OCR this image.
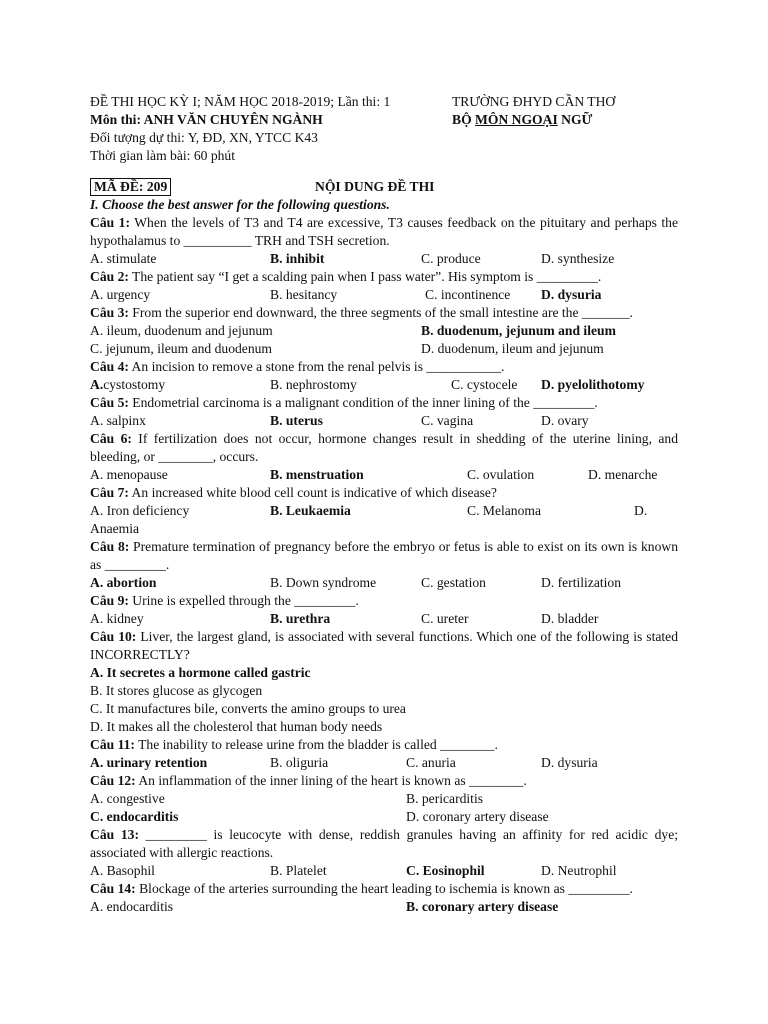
ĐỀ THI HỌC KỲ I; NĂM HỌC 2018-2019; Lần thi: 1	TRƯỜNG ĐHYD CẦN THƠ
Môn thi: ANH VĂN CHUYÊN NGÀNH	BỘ MÔN NGOẠI NGỮ
Đối tượng dự thi: Y, ĐD, XN, YTCC K43
Thời gian làm bài: 60 phút
MÃ ĐỀ: 209	NỘI DUNG ĐỀ THI
I. Choose the best answer for the following questions.
Câu 1: When the levels of T3 and T4 are excessive, T3 causes feedback on the pituitary and perhaps the hypothalamus to __________ TRH and TSH secretion.
A. stimulate	B. inhibit	C. produce	D. synthesize
Câu 2: The patient say “I get a scalding pain when I pass water”. His symptom is _________.
A. urgency	B. hesitancy	C. incontinence D. dysuria
Câu 3: From the superior end downward, the three segments of the small intestine are the _______.
A. ileum, duodenum and jejunum	B. duodenum, jejunum and ileum
C. jejunum, ileum and duodenum	D. duodenum, ileum and jejunum
Câu 4: An incision to remove a stone from the renal pelvis is ___________.
A. cystostomy	B. nephrostomy	C. cystocele D. pyelolithotomy
Câu 5: Endometrial carcinoma is a malignant condition of the inner lining of the _________.
A. salpinx	B. uterus	C. vagina	D. ovary
Câu 6: If fertilization does not occur, hormone changes result in shedding of the uterine lining, and bleeding, or ________, occurs.
A. menopause	B. menstruation	C. ovulation	D. menarche
Câu 7: An increased white blood cell count is indicative of which disease?
A. Iron deficiency	B. Leukaemia	C. Melanoma	D.
Anaemia
Câu 8: Premature termination of pregnancy before the embryo or fetus is able to exist on its own is known as _________.
A. abortion	B. Down syndrome	C. gestation	D. fertilization
Câu 9: Urine is expelled through the _________.
A. kidney	B. urethra	C. ureter	D. bladder
Câu 10: Liver, the largest gland, is associated with several functions. Which one of the following is stated INCORRECTLY?
A. It secretes a hormone called gastric
B. It stores glucose as glycogen
C. It manufactures bile, converts the amino groups to urea
D. It makes all the cholesterol that human body needs
Câu 11: The inability to release urine from the bladder is called ________.
A. urinary retention	B. oliguria	C. anuria	D. dysuria
Câu 12: An inflammation of the inner lining of the heart is known as ________.
A. congestive	B. pericarditis
C. endocarditis	D. coronary artery disease
Câu 13: _________ is leucocyte with dense, reddish granules having an affinity for red acidic dye; associated with allergic reactions.
A. Basophil	B. Platelet	C. Eosinophil	D. Neutrophil
Câu 14: Blockage of the arteries surrounding the heart leading to ischemia is known as _________.
A. endocarditis	B. coronary artery disease
